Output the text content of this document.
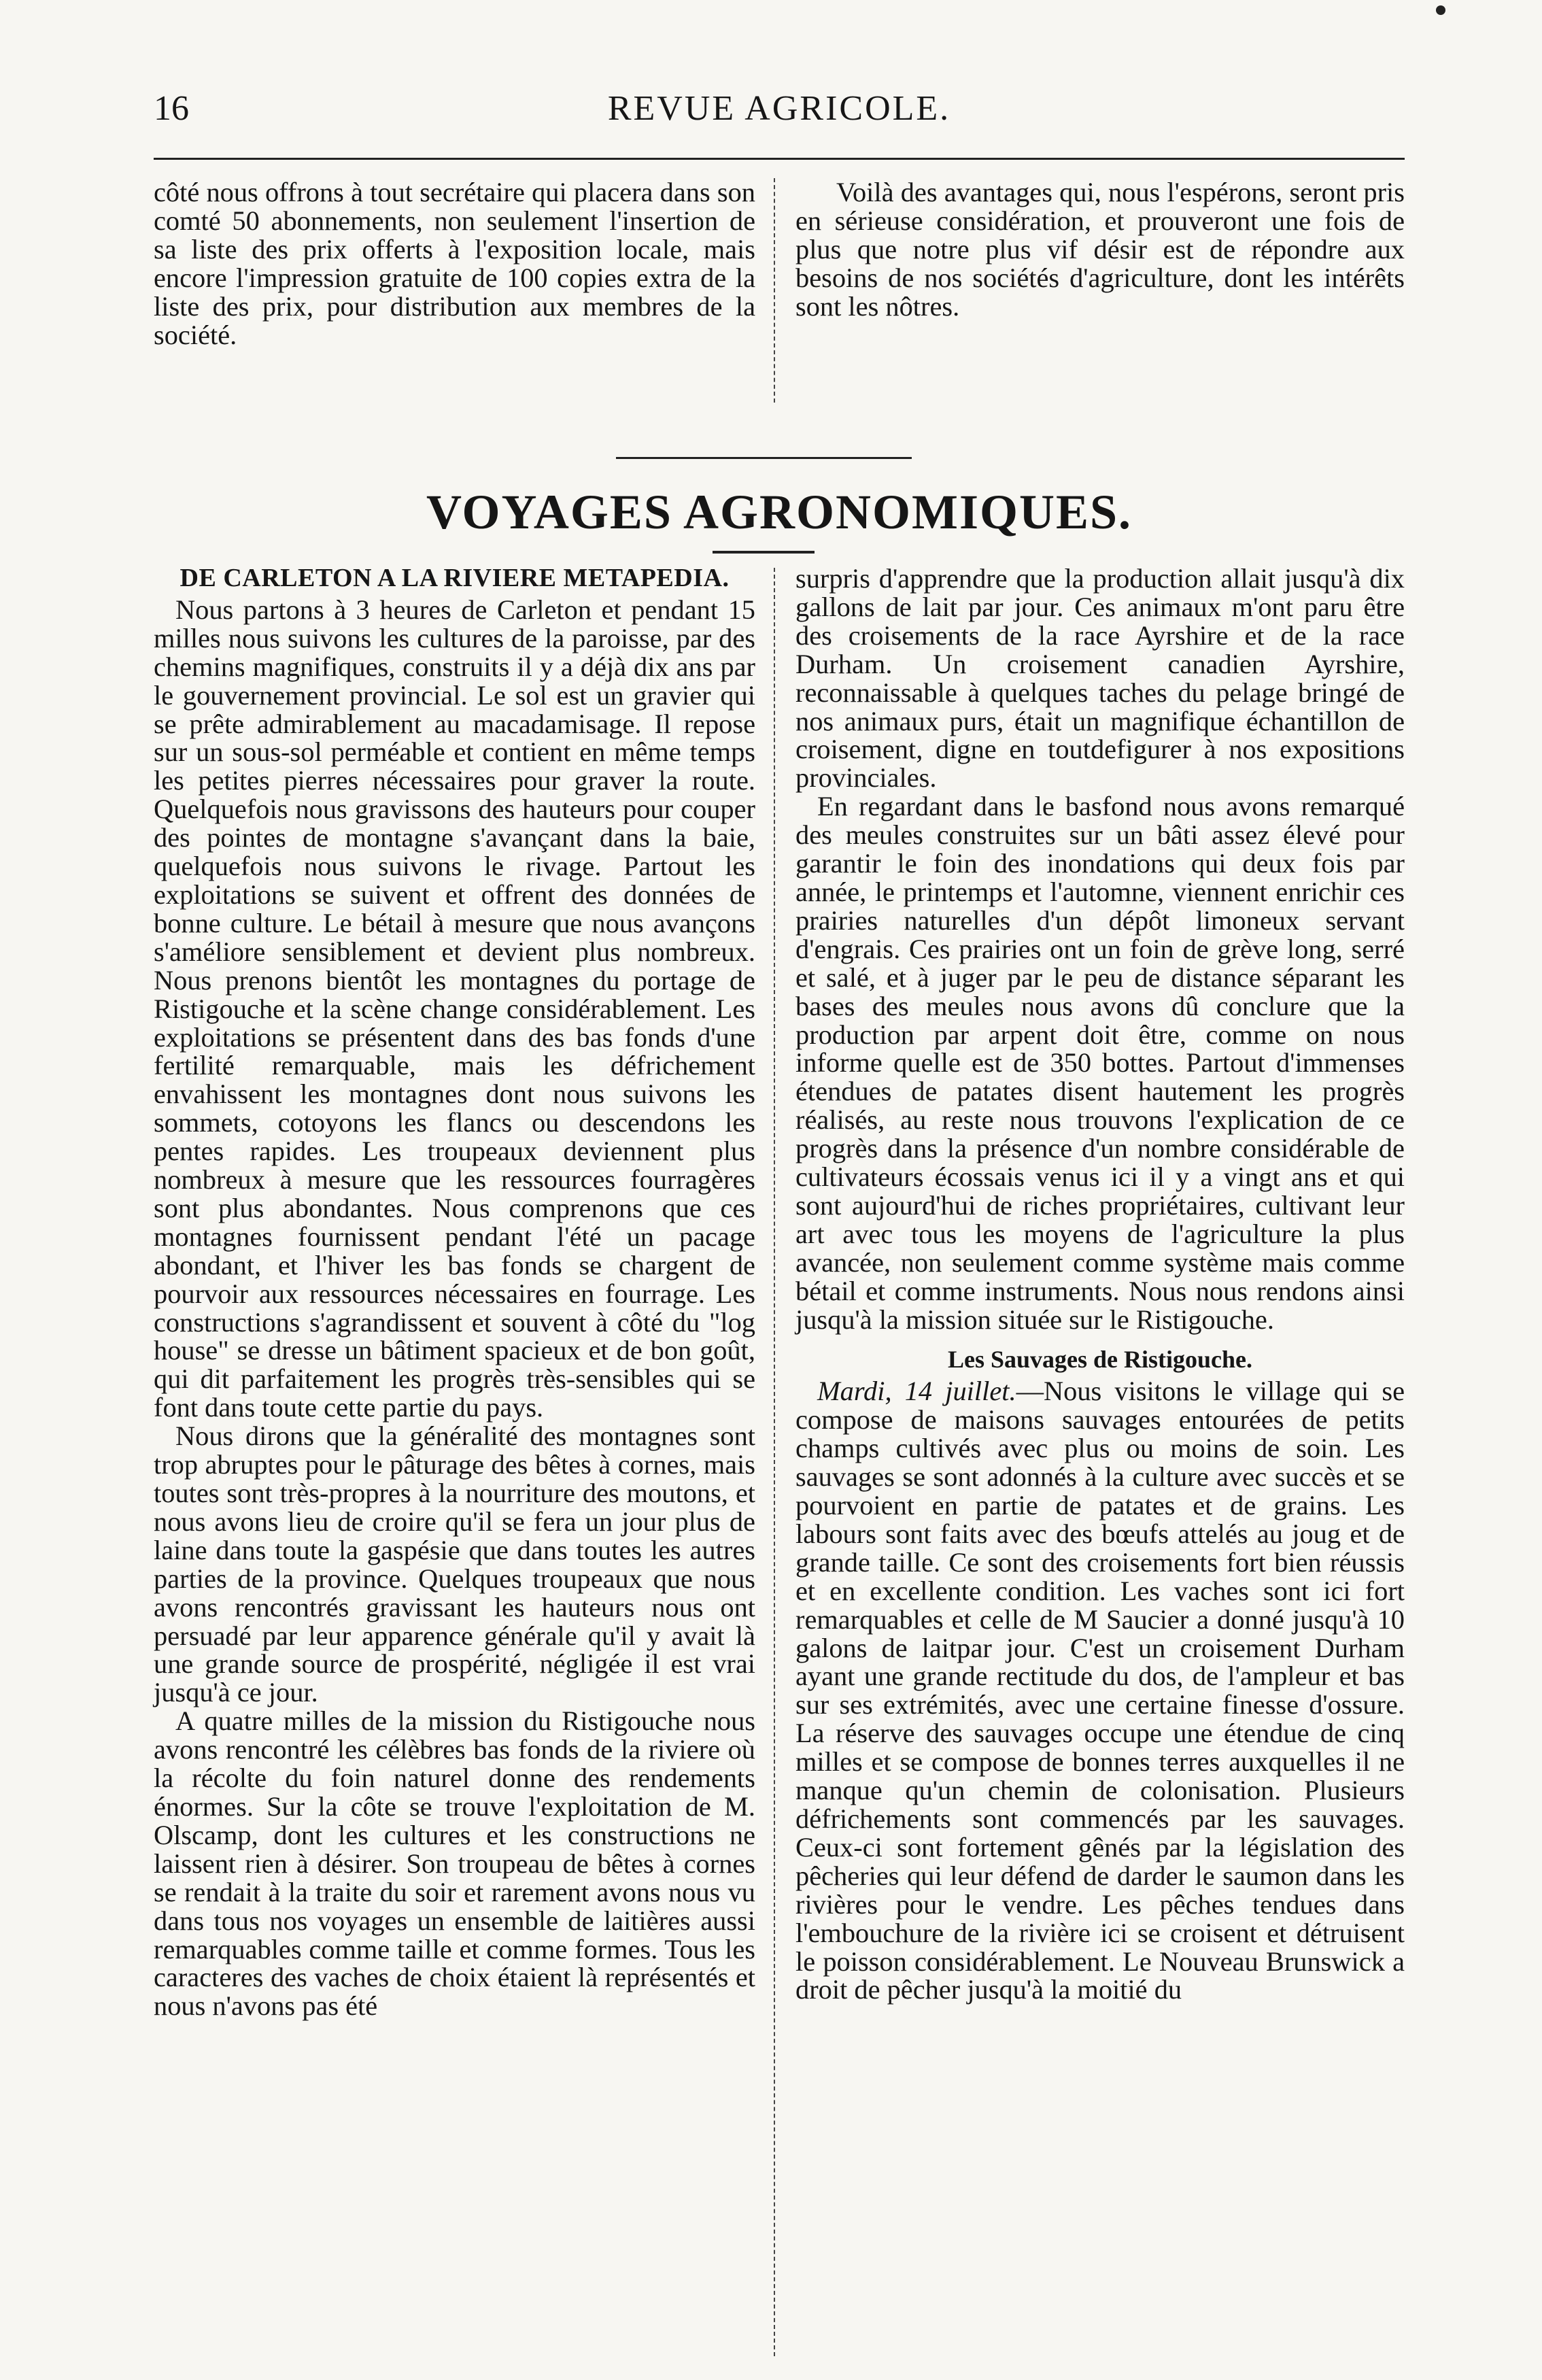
16	REVUE AGRICOLE.

côté nous offrons à tout secrétaire qui placera dans son comté 50 abonnements, non seulement l'insertion de sa liste des prix offerts à l'exposition locale, mais encore l'impression gratuite de 100 copies extra de la liste des prix, pour distribution aux membres de la société.

Voilà des avantages qui, nous l'espérons, seront pris en sérieuse considération, et prouveront une fois de plus que notre plus vif désir est de répondre aux besoins de nos sociétés d'agriculture, dont les intérêts sont les nôtres.

VOYAGES AGRONOMIQUES.

DE CARLETON A LA RIVIERE METAPEDIA.

Nous partons à 3 heures de Carleton et pendant 15 milles nous suivons les cultures de la paroisse, par des chemins magnifiques, construits il y a déjà dix ans par le gouvernement provincial. Le sol est un gravier qui se prête admirablement au macadamisage. Il repose sur un sous-sol perméable et contient en même temps les petites pierres nécessaires pour graver la route. Quelquefois nous gravissons des hauteurs pour couper des pointes de montagne s'avançant dans la baie, quelquefois nous suivons le rivage. Partout les exploitations se suivent et offrent des données de bonne culture. Le bétail à mesure que nous avançons s'améliore sensiblement et devient plus nombreux. Nous prenons bientôt les montagnes du portage de Ristigouche et la scène change considérablement. Les exploitations se présentent dans des bas fonds d'une fertilité remarquable, mais les défrichement envahissent les montagnes dont nous suivons les sommets, cotoyons les flancs ou descendons les pentes rapides. Les troupeaux deviennent plus nombreux à mesure que les ressources fourragères sont plus abondantes. Nous comprenons que ces montagnes fournissent pendant l'été un pacage abondant, et l'hiver les bas fonds se chargent de pourvoir aux ressources nécessaires en fourrage. Les constructions s'agrandissent et souvent à côté du "log house" se dresse un bâtiment spacieux et de bon goût, qui dit parfaitement les progrès très-sensibles qui se font dans toute cette partie du pays.

Nous dirons que la généralité des montagnes sont trop abruptes pour le pâturage des bêtes à cornes, mais toutes sont très-propres à la nourriture des moutons, et nous avons lieu de croire qu'il se fera un jour plus de laine dans toute la gaspésie que dans toutes les autres parties de la province. Quelques troupeaux que nous avons rencontrés gravissant les hauteurs nous ont persuadé par leur apparence générale qu'il y avait là une grande source de prospérité, négligée il est vrai jusqu'à ce jour.

A quatre milles de la mission du Ristigouche nous avons rencontré les célèbres bas fonds de la riviere où la récolte du foin naturel donne des rendements énormes. Sur la côte se trouve l'exploitation de M. Olscamp, dont les cultures et les constructions ne laissent rien à désirer. Son troupeau de bêtes à cornes se rendait à la traite du soir et rarement avons nous vu dans tous nos voyages un ensemble de laitières aussi remarquables comme taille et comme formes. Tous les caracteres des vaches de choix étaient là représentés et nous n'avons pas été

surpris d'apprendre que la production allait jusqu'à dix gallons de lait par jour. Ces animaux m'ont paru être des croisements de la race Ayrshire et de la race Durham. Un croisement canadien Ayrshire, reconnaissable à quelques taches du pelage bringé de nos animaux purs, était un magnifique échantillon de croisement, digne en toutdefigurer à nos expositions provinciales.

En regardant dans le basfond nous avons remarqué des meules construites sur un bâti assez élevé pour garantir le foin des inondations qui deux fois par année, le printemps et l'automne, viennent enrichir ces prairies naturelles d'un dépôt limoneux servant d'engrais. Ces prairies ont un foin de grève long, serré et salé, et à juger par le peu de distance séparant les bases des meules nous avons dû conclure que la production par arpent doit être, comme on nous informe quelle est de 350 bottes. Partout d'immenses étendues de patates disent hautement les progrès réalisés, au reste nous trouvons l'explication de ce progrès dans la présence d'un nombre considérable de cultivateurs écossais venus ici il y a vingt ans et qui sont aujourd'hui de riches propriétaires, cultivant leur art avec tous les moyens de l'agriculture la plus avancée, non seulement comme système mais comme bétail et comme instruments. Nous nous rendons ainsi jusqu'à la mission située sur le Ristigouche.

Les Sauvages de Ristigouche.

Mardi, 14 juillet.—Nous visitons le village qui se compose de maisons sauvages entourées de petits champs cultivés avec plus ou moins de soin. Les sauvages se sont adonnés à la culture avec succès et se pourvoient en partie de patates et de grains. Les labours sont faits avec des bœufs attelés au joug et de grande taille. Ce sont des croisements fort bien réussis et en excellente condition. Les vaches sont ici fort remarquables et celle de M Saucier a donné jusqu'à 10 galons de laitpar jour. C'est un croisement Durham ayant une grande rectitude du dos, de l'ampleur et bas sur ses extrémités, avec une certaine finesse d'ossure. La réserve des sauvages occupe une étendue de cinq milles et se compose de bonnes terres auxquelles il ne manque qu'un chemin de colonisation. Plusieurs défrichements sont commencés par les sauvages. Ceux-ci sont fortement gênés par la législation des pêcheries qui leur défend de darder le saumon dans les rivières pour le vendre. Les pêches tendues dans l'embouchure de la rivière ici se croisent et détruisent le poisson considérablement. Le Nouveau Brunswick a droit de pêcher jusqu'à la moitié du
